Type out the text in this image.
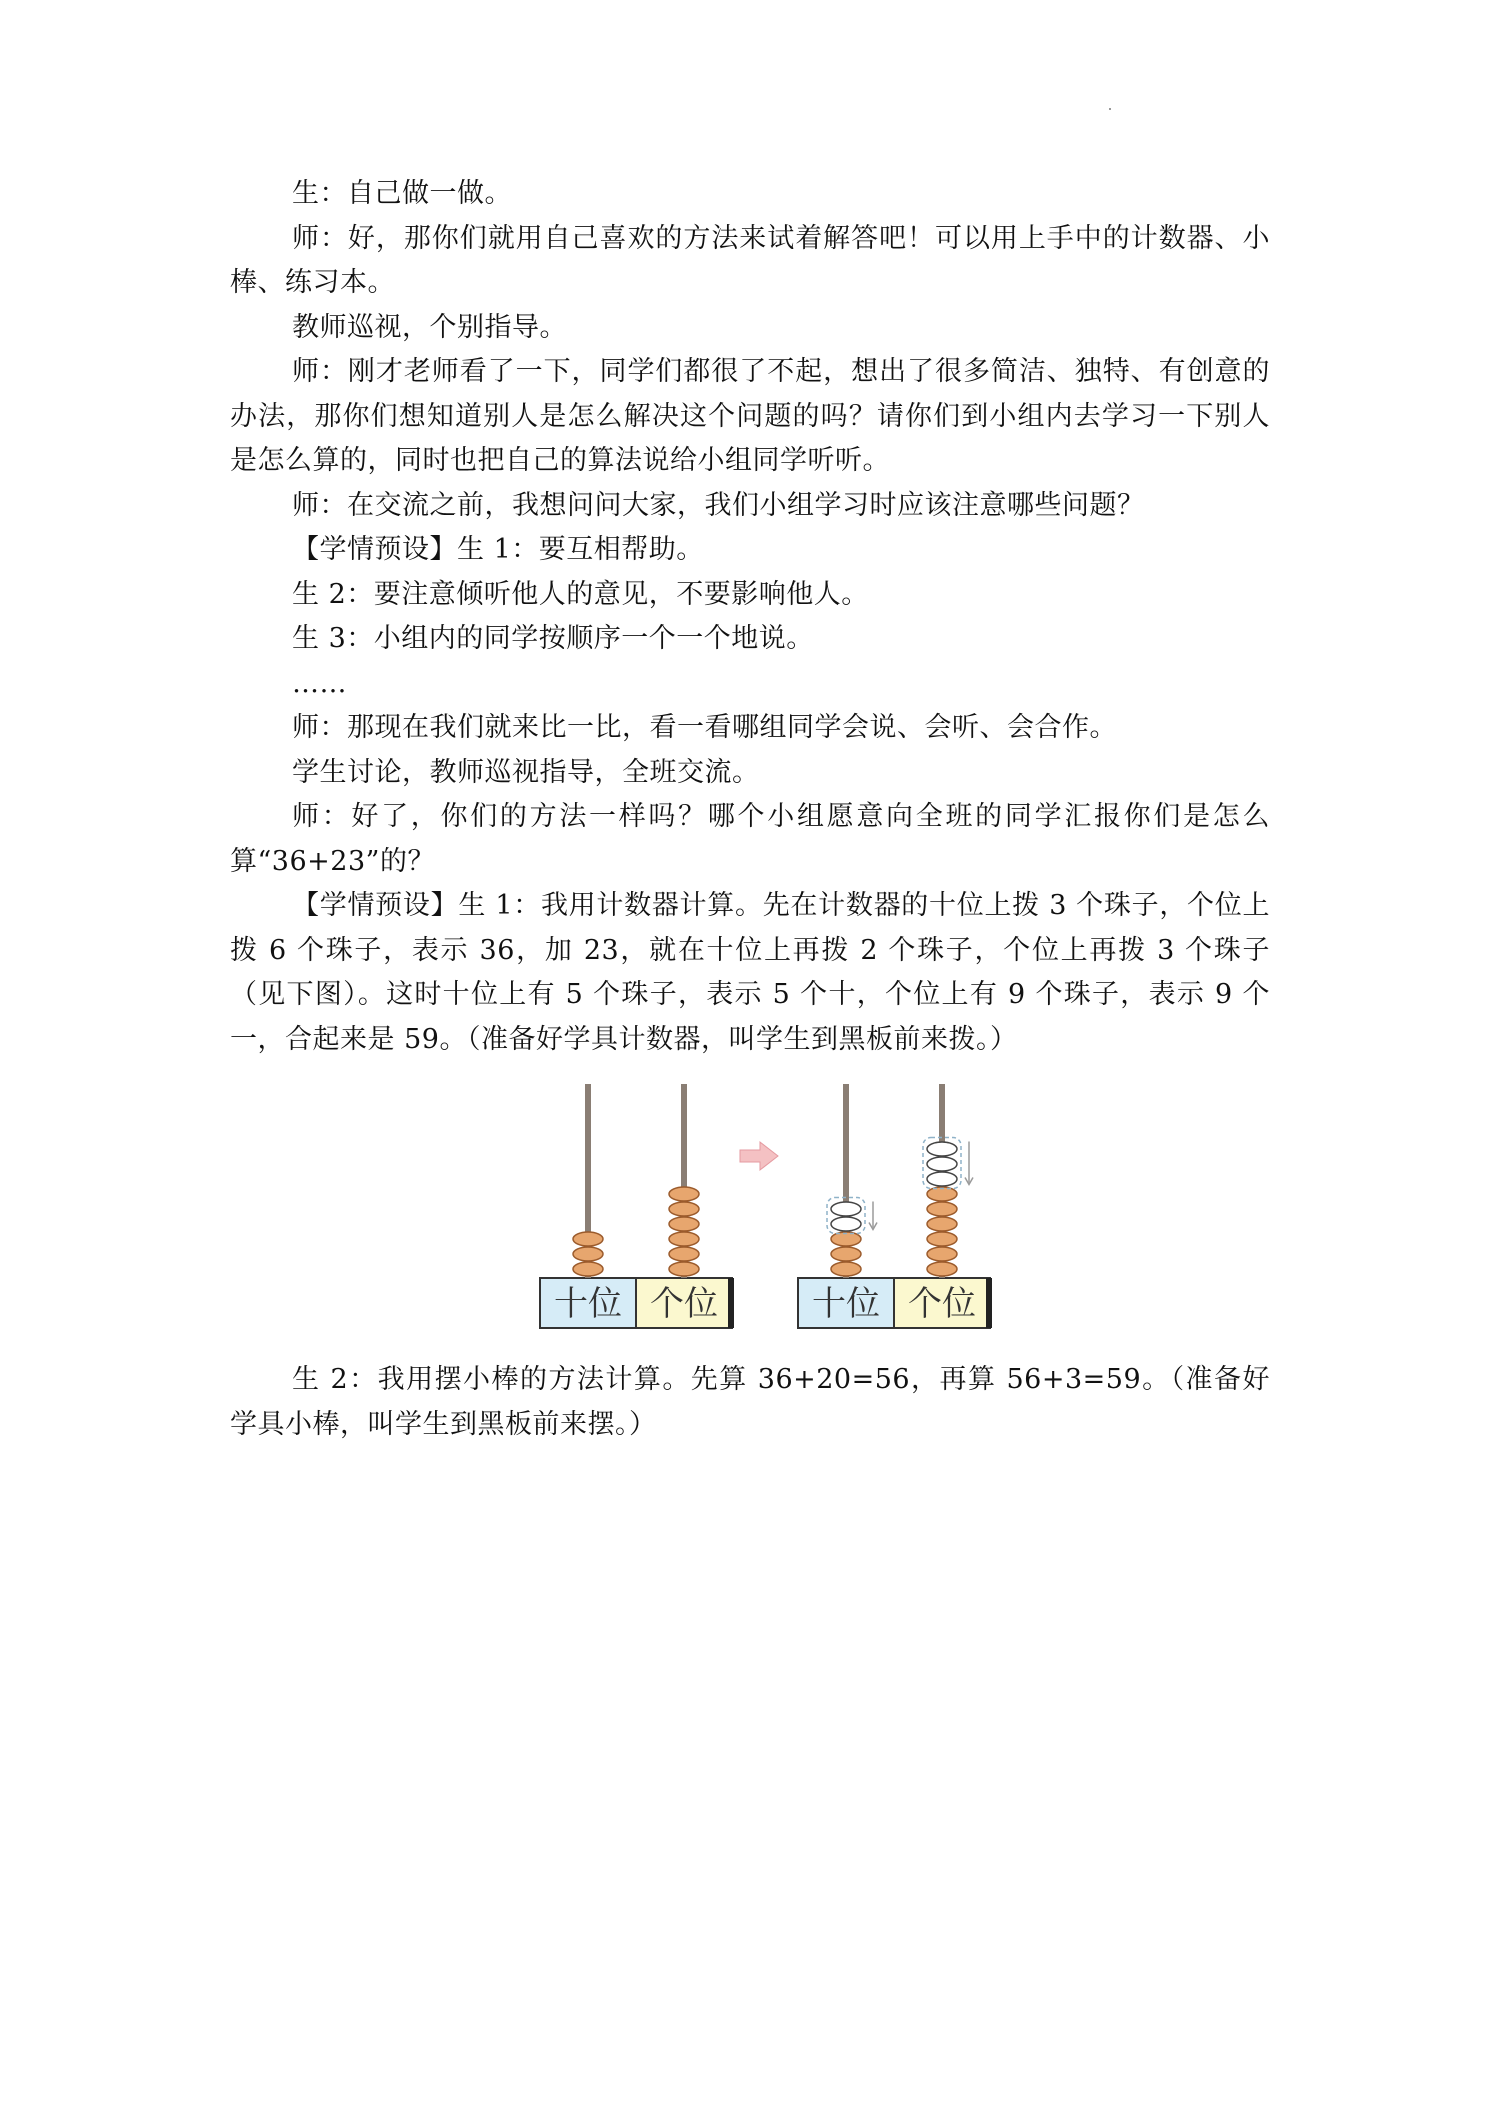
生：自己做一做。

师：好，那你们就用自己喜欢的方法来试着解答吧！可以用上手中的计数器、小棒、练习本。

教师巡视，个别指导。

师：刚才老师看了一下，同学们都很了不起，想出了很多简洁、独特、有创意的办法，那你们想知道别人是怎么解决这个问题的吗？请你们到小组内去学习一下别人是怎么算的，同时也把自己的算法说给小组同学听听。

师：在交流之前，我想问问大家，我们小组学习时应该注意哪些问题？

【学情预设】生 1：要互相帮助。

生 2：要注意倾听他人的意见，不要影响他人。

生 3：小组内的同学按顺序一个一个地说。

……

师：那现在我们就来比一比，看一看哪组同学会说、会听、会合作。

学生讨论，教师巡视指导，全班交流。

师：好了，你们的方法一样吗？哪个小组愿意向全班的同学汇报你们是怎么算“36+23”的？

【学情预设】生 1：我用计数器计算。先在计数器的十位上拨 3 个珠子，个位上拨 6 个珠子，表示 36，加 23，就在十位上再拨 2 个珠子，个位上再拨 3 个珠子（见下图）。这时十位上有 5 个珠子，表示 5 个十，个位上有 9 个珠子，表示 9 个一，合起来是 59。（准备好学具计数器，叫学生到黑板前来拨。）

十位 个位	十位 个位

生 2：我用摆小棒的方法计算。先算 36+20=56，再算 56+3=59。（准备好学具小棒，叫学生到黑板前来摆。）
